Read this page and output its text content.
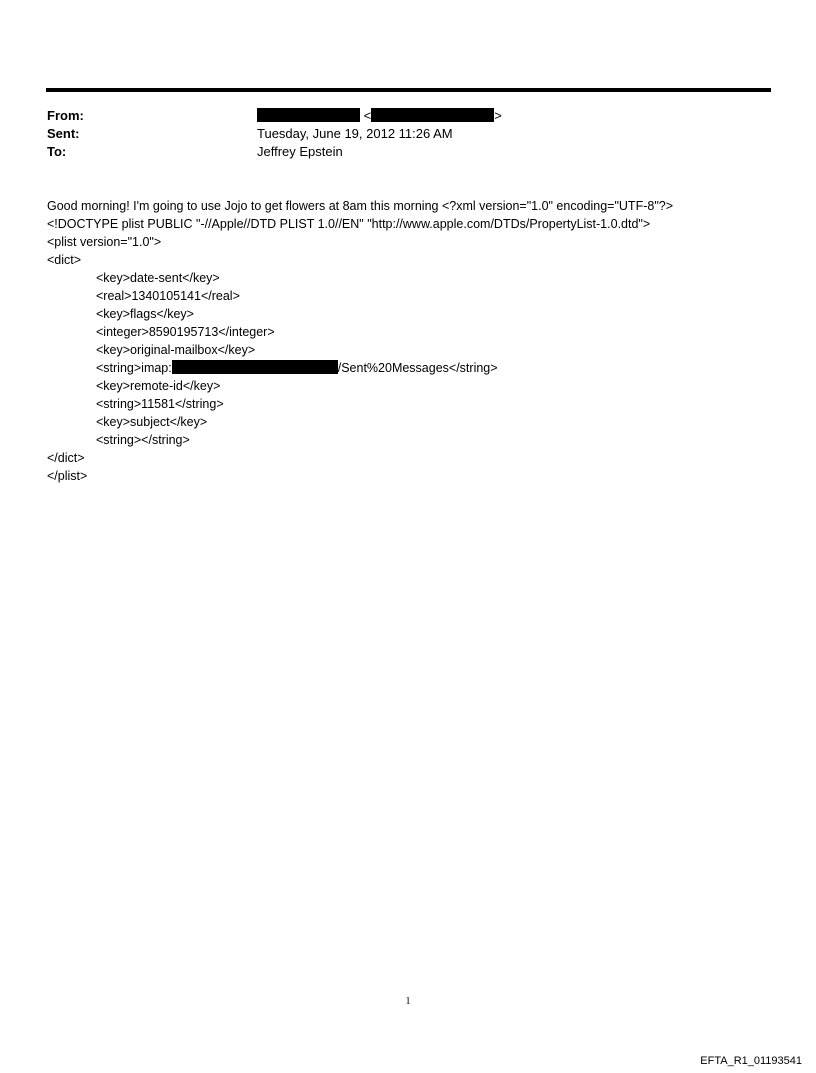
From:	<	>
Sent:	Tuesday, June 19, 2012 11:26 AM
To:	Jeffrey Epstein
Good morning! I'm going to use Jojo to get flowers at 8am this morning <?xml version="1.0" encoding="UTF-8"?>
<!DOCTYPE plist PUBLIC "-//Apple//DTD PLIST 1.0//EN" "http://www.apple.com/DTDs/PropertyList-1.0.dtd">
<plist version="1.0">
<dict>
<key>date-sent</key>
<real>1340105141</real>
<key>flags</key>
<integer>8590195713</integer>
<key>original-mailbox</key>
<string>imap:	/Sent%20Messages</string>
<key>remote-id</key>
<string>11581</string>
<key>subject</key>
<string></string>
</dict>
</plist>
1
EFTA_R1_01193541
